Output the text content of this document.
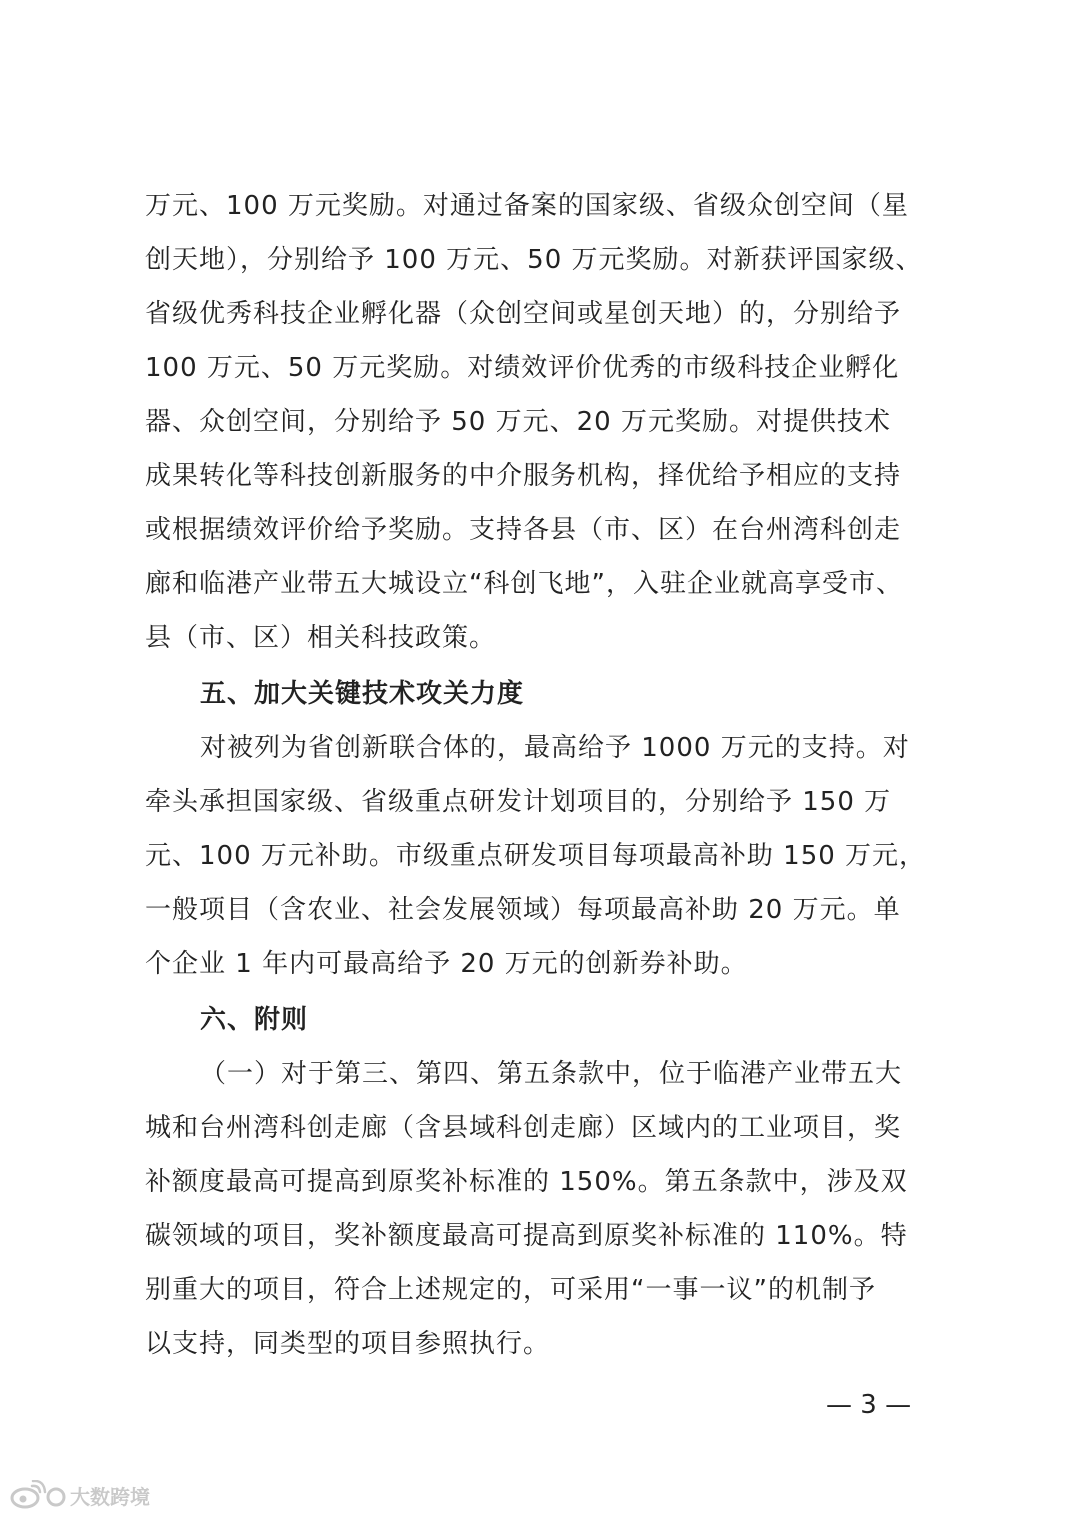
万元、100 万元奖励。对通过备案的国家级、省级众创空间（星
创天地），分别给予 100 万元、50 万元奖励。对新获评国家级、
省级优秀科技企业孵化器（众创空间或星创天地）的，分别给予
100 万元、50 万元奖励。对绩效评价优秀的市级科技企业孵化
器、众创空间，分别给予 50 万元、20 万元奖励。对提供技术
成果转化等科技创新服务的中介服务机构，择优给予相应的支持
或根据绩效评价给予奖励。支持各县（市、区）在台州湾科创走
廊和临港产业带五大城设立“科创飞地”，入驻企业就高享受市、
县（市、区）相关科技政策。
五、加大关键技术攻关力度
对被列为省创新联合体的，最高给予 1000 万元的支持。对
牵头承担国家级、省级重点研发计划项目的，分别给予 150 万
元、100 万元补助。市级重点研发项目每项最高补助 150 万元，
一般项目（含农业、社会发展领域）每项最高补助 20 万元。单
个企业 1 年内可最高给予 20 万元的创新券补助。
六、附则
（一）对于第三、第四、第五条款中，位于临港产业带五大
城和台州湾科创走廊（含县域科创走廊）区域内的工业项目，奖
补额度最高可提高到原奖补标准的 150%。第五条款中，涉及双
碳领域的项目，奖补额度最高可提高到原奖补标准的 110%。特
别重大的项目，符合上述规定的，可采用“一事一议”的机制予
以支持，同类型的项目参照执行。
— 3 —
大数跨境
